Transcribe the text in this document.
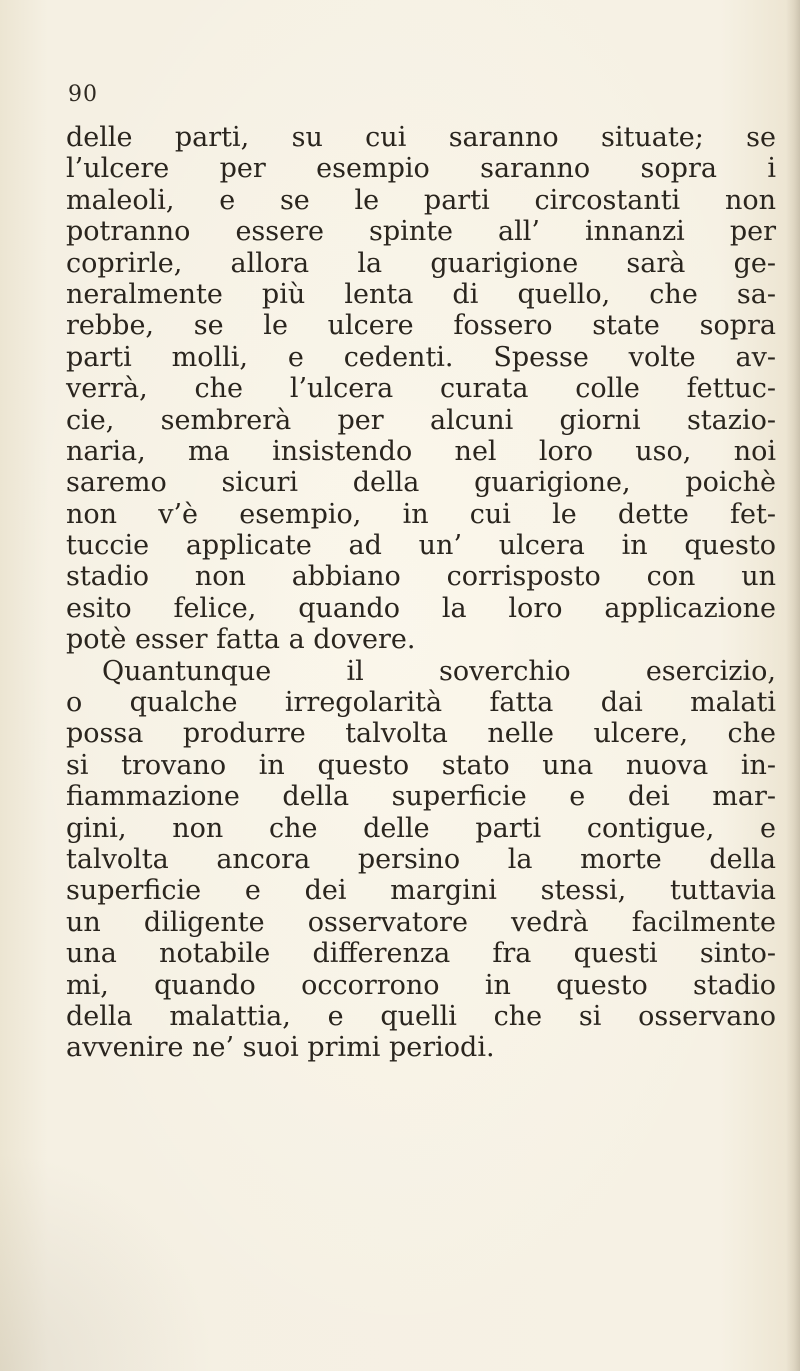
90
delle parti, su cui saranno situate; se
l’ulcere per esempio saranno sopra i
maleoli, e se le parti circostanti non
potranno essere spinte all’ innanzi per
coprirle, allora la guarigione sarà ge-
neralmente più lenta di quello, che sa-
rebbe, se le ulcere fossero state sopra
parti molli, e cedenti. Spesse volte av-
verrà, che l’ulcera curata colle fettuc-
cie, sembrerà per alcuni giorni stazio-
naria, ma insistendo nel loro uso, noi
saremo sicuri della guarigione, poichè
non v’è esempio, in cui le dette fet-
tuccie applicate ad un’ ulcera in questo
stadio non abbiano corrisposto con un
esito felice, quando la loro applicazione
potè esser fatta a dovere.
Quantunque il soverchio esercizio,
o qualche irregolarità fatta dai malati
possa produrre talvolta nelle ulcere, che
si trovano in questo stato una nuova in-
fiammazione della superficie e dei mar-
gini, non che delle parti contigue, e
talvolta ancora persino la morte della
superficie e dei margini stessi, tuttavia
un diligente osservatore vedrà facilmente
una notabile differenza fra questi sinto-
mi, quando occorrono in questo stadio
della malattia, e quelli che si osservano
avvenire ne’ suoi primi periodi.
